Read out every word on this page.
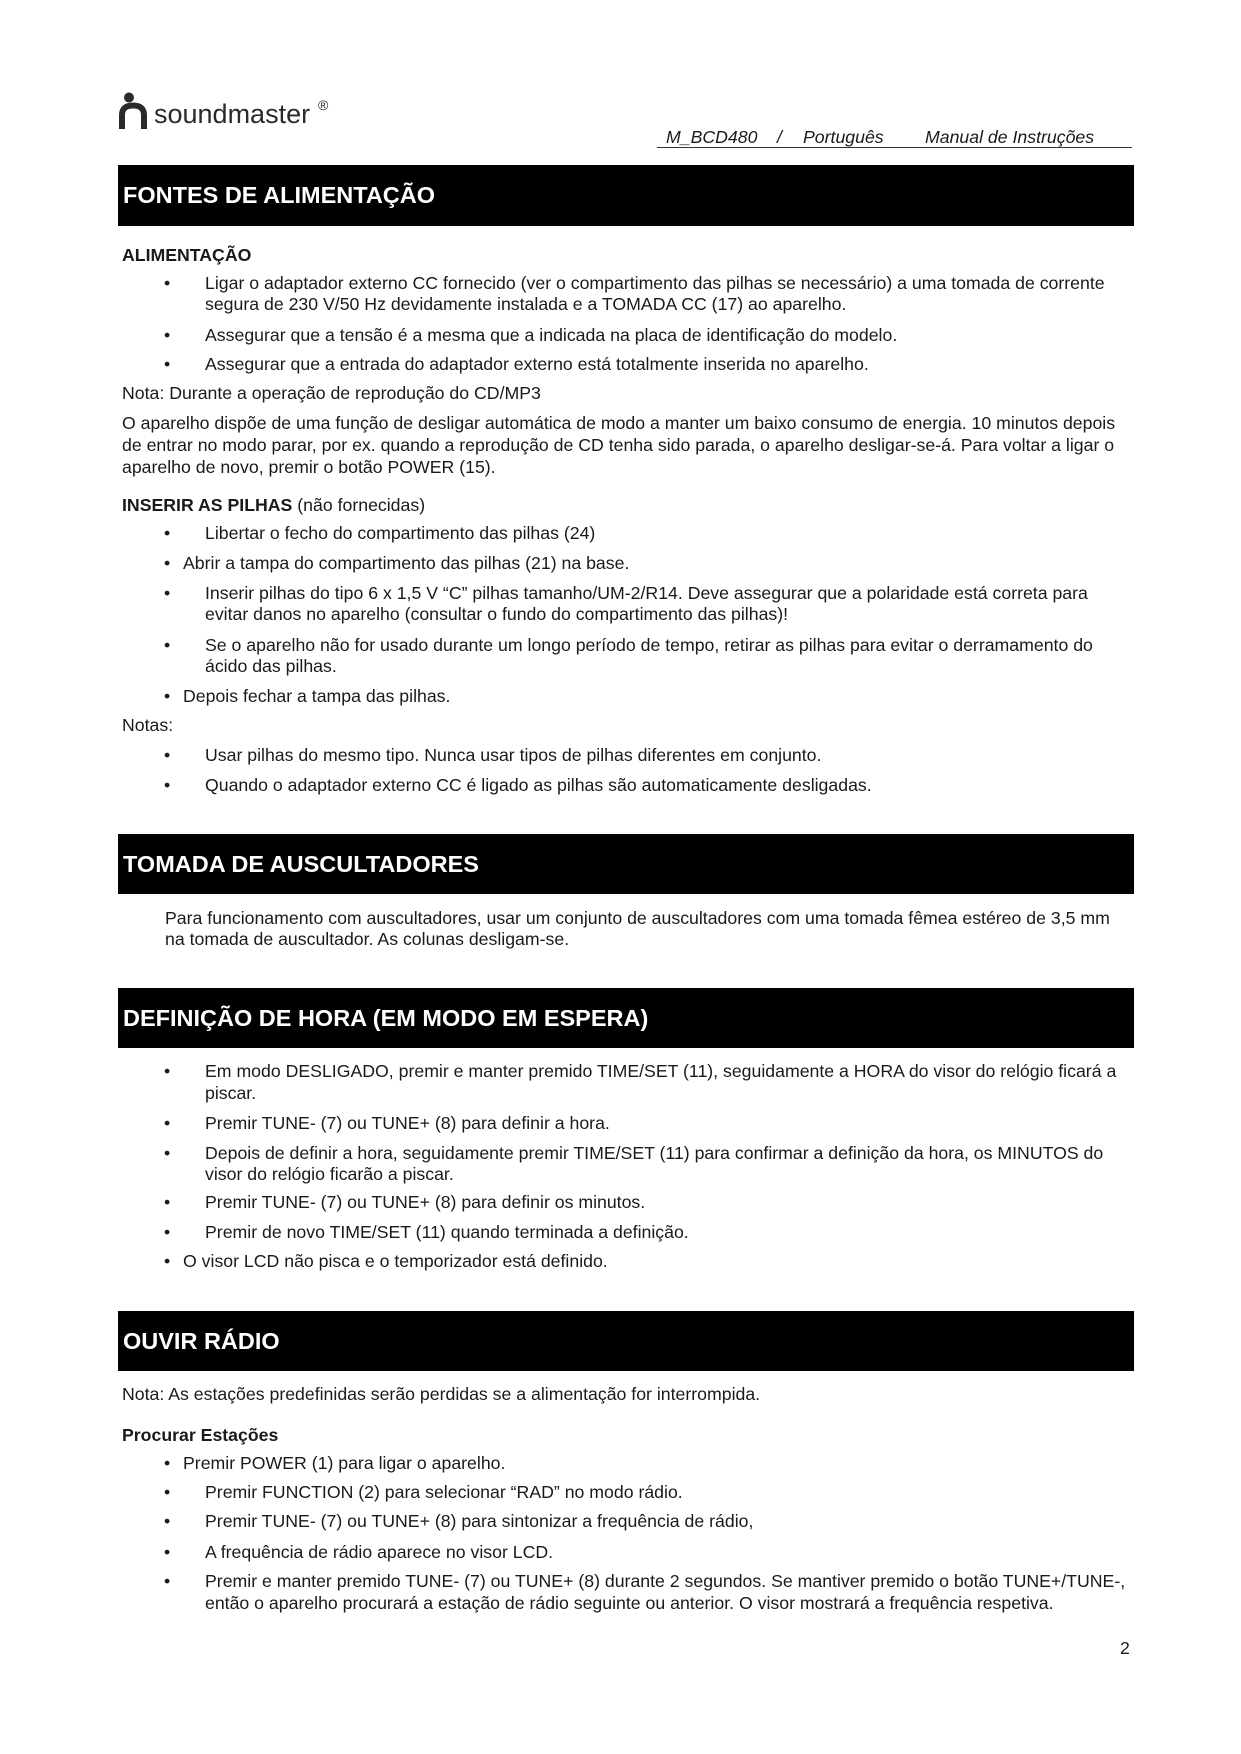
soundmaster ®
M_BCD480 / Português Manual de Instruções
FONTES DE ALIMENTAÇÃO
ALIMENTAÇÃO
• Ligar o adaptador externo CC fornecido (ver o compartimento das pilhas se necessário) a uma tomada de corrente
segura de 230 V/50 Hz devidamente instalada e a TOMADA CC (17) ao aparelho.
• Assegurar que a tensão é a mesma que a indicada na placa de identificação do modelo.
• Assegurar que a entrada do adaptador externo está totalmente inserida no aparelho.
Nota: Durante a operação de reprodução do CD/MP3
O aparelho dispõe de uma função de desligar automática de modo a manter um baixo consumo de energia. 10 minutos depois
de entrar no modo parar, por ex. quando a reprodução de CD tenha sido parada, o aparelho desligar-se-á. Para voltar a ligar o
aparelho de novo, premir o botão POWER (15).
INSERIR AS PILHAS (não fornecidas)
• Libertar o fecho do compartimento das pilhas (24)
• Abrir a tampa do compartimento das pilhas (21) na base.
• Inserir pilhas do tipo 6 x 1,5 V “C” pilhas tamanho/UM-2/R14. Deve assegurar que a polaridade está correta para
evitar danos no aparelho (consultar o fundo do compartimento das pilhas)!
• Se o aparelho não for usado durante um longo período de tempo, retirar as pilhas para evitar o derramamento do
ácido das pilhas.
• Depois fechar a tampa das pilhas.
Notas:
• Usar pilhas do mesmo tipo. Nunca usar tipos de pilhas diferentes em conjunto.
• Quando o adaptador externo CC é ligado as pilhas são automaticamente desligadas.
TOMADA DE AUSCULTADORES
Para funcionamento com auscultadores, usar um conjunto de auscultadores com uma tomada fêmea estéreo de 3,5 mm
na tomada de auscultador. As colunas desligam-se.
DEFINIÇÃO DE HORA (EM MODO EM ESPERA)
• Em modo DESLIGADO, premir e manter premido TIME/SET (11), seguidamente a HORA do visor do relógio ficará a
piscar.
• Premir TUNE- (7) ou TUNE+ (8) para definir a hora.
• Depois de definir a hora, seguidamente premir TIME/SET (11) para confirmar a definição da hora, os MINUTOS do
visor do relógio ficarão a piscar.
• Premir TUNE- (7) ou TUNE+ (8) para definir os minutos.
• Premir de novo TIME/SET (11) quando terminada a definição.
• O visor LCD não pisca e o temporizador está definido.
OUVIR RÁDIO
Nota: As estações predefinidas serão perdidas se a alimentação for interrompida.
Procurar Estações
• Premir POWER (1) para ligar o aparelho.
• Premir FUNCTION (2) para selecionar “RAD” no modo rádio.
• Premir TUNE- (7) ou TUNE+ (8) para sintonizar a frequência de rádio,
• A frequência de rádio aparece no visor LCD.
• Premir e manter premido TUNE- (7) ou TUNE+ (8) durante 2 segundos. Se mantiver premido o botão TUNE+/TUNE-,
então o aparelho procurará a estação de rádio seguinte ou anterior. O visor mostrará a frequência respetiva.
2
